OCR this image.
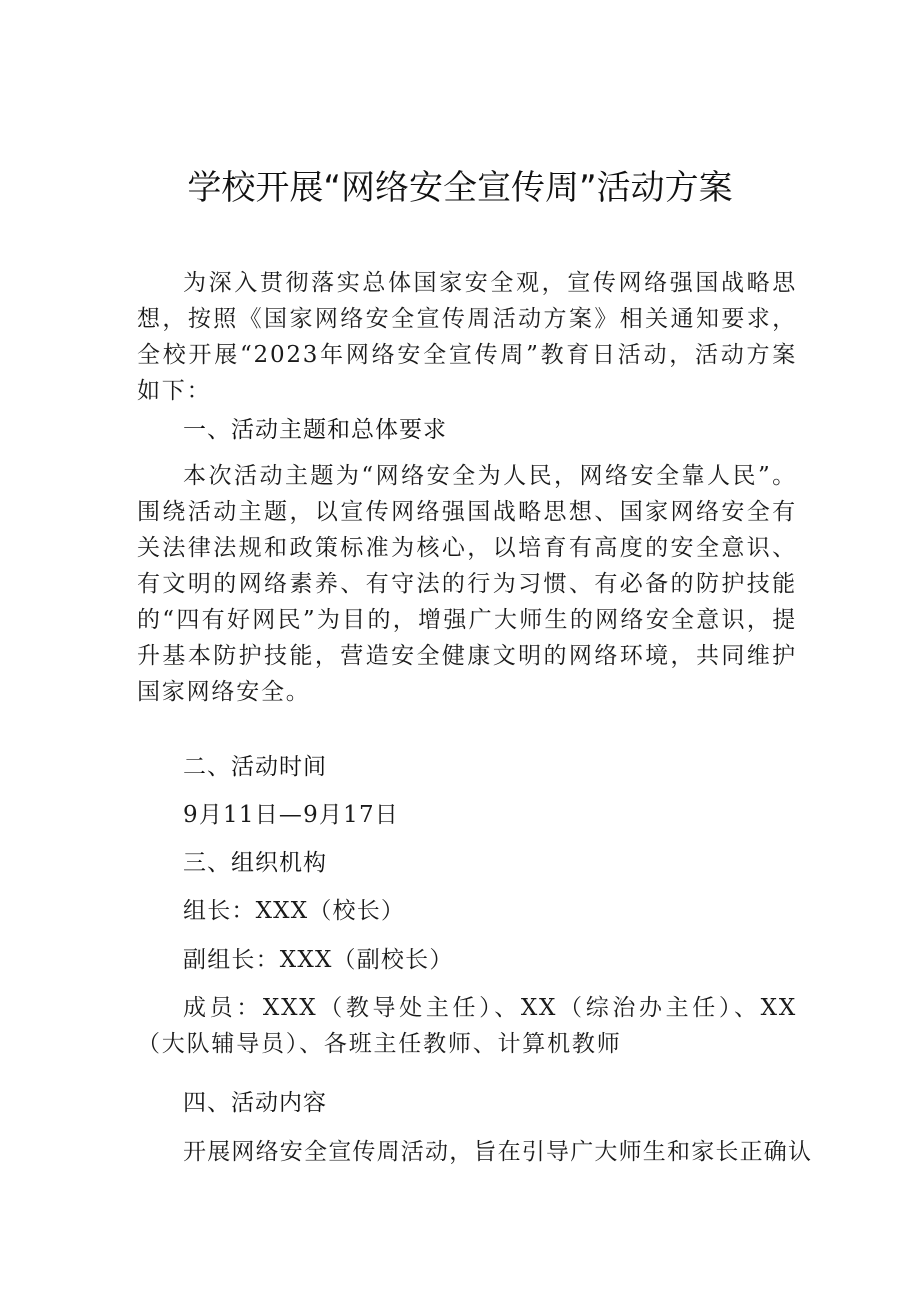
学校开展“网络安全宣传周”活动方案

为深入贯彻落实总体国家安全观，宣传网络强国战略思想，按照《国家网络安全宣传周活动方案》相关通知要求，全校开展“2023年网络安全宣传周”教育日活动，活动方案如下：

一、活动主题和总体要求

本次活动主题为“网络安全为人民，网络安全靠人民”。围绕活动主题，以宣传网络强国战略思想、国家网络安全有关法律法规和政策标准为核心，以培育有高度的安全意识、有文明的网络素养、有守法的行为习惯、有必备的防护技能的“四有好网民”为目的，增强广大师生的网络安全意识，提升基本防护技能，营造安全健康文明的网络环境，共同维护国家网络安全。

二、活动时间
9月11日—9月17日
三、组织机构
组长：XXX（校长）
副组长：XXX（副校长）

成员：XXX（教导处主任）、XX（综治办主任）、XX（大队辅导员）、各班主任教师、计算机教师

四、活动内容
开展网络安全宣传周活动，旨在引导广大师生和家长正确认
